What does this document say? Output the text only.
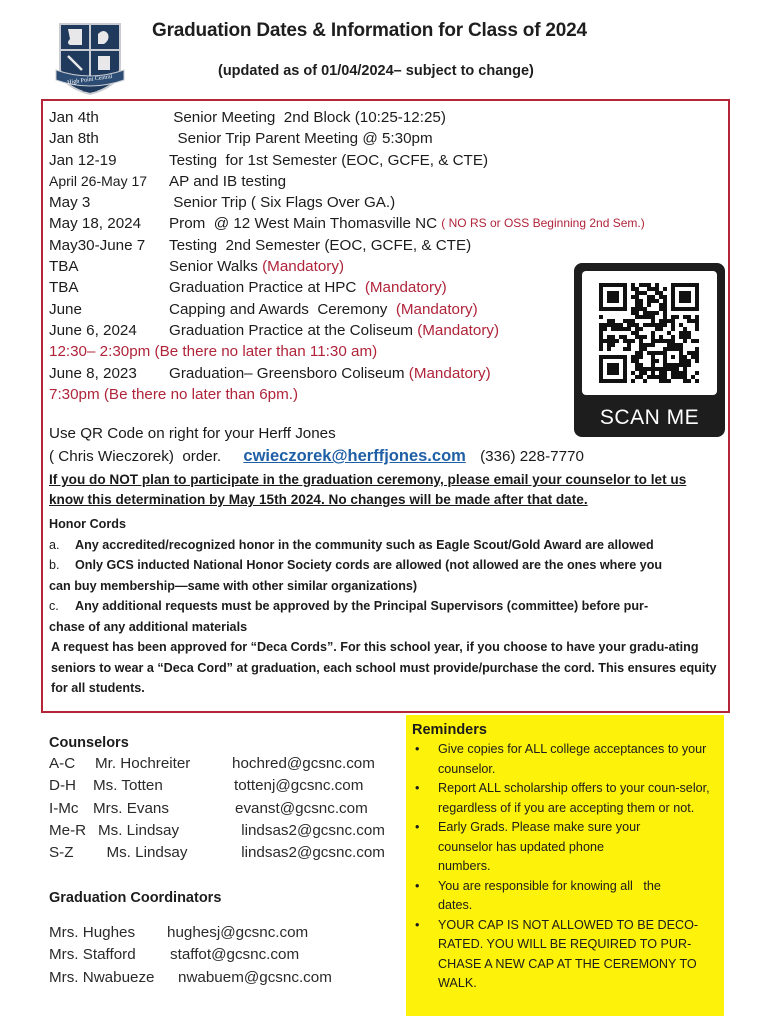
High Point Central
Est. 1927
Graduation Dates & Information for Class of 2024
(updated as of 01/04/2024– subject to change)
Jan 4th	Senior Meeting  2nd Block (10:25-12:25)
Jan 8th	Senior Trip Parent Meeting @ 5:30pm
Jan 12-19	Testing  for 1st Semester (EOC, GCFE, & CTE)
April 26-May 17	AP and IB testing
May 3	Senior Trip ( Six Flags Over GA.)
May 18, 2024	Prom  @ 12 West Main Thomasville NC ( NO RS or OSS Beginning 2nd Sem.)
May30-June 7	Testing  2nd Semester (EOC, GCFE, & CTE)
TBA	Senior Walks (Mandatory)
TBA	Graduation Practice at HPC (Mandatory)
June	Capping and Awards  Ceremony (Mandatory)
June 6, 2024	Graduation Practice at the Coliseum (Mandatory)
12:30– 2:30pm (Be there no later than 11:30 am)
June 8, 2023	Graduation– Greensboro Coliseum (Mandatory)
7:30pm (Be there no later than 6pm.)
SCAN ME
Use QR Code on right for your Herff Jones
( Chris Wieczorek)  order. cwieczorek@herffjones.com (336) 228-7770
If you do NOT plan to participate in the graduation ceremony, please email your counselor to let us know this determination by May 15th 2024. No changes will be made after that date.
Honor Cords
a.	Any accredited/recognized honor in the community such as Eagle Scout/Gold Award are allowed
b.	Only GCS inducted National Honor Society cords are allowed (not allowed are the ones where you
can buy membership—same with other similar organizations)
c.	Any additional requests must be approved by the Principal Supervisors (committee) before pur-
chase of any additional materials
A request has been approved for “Deca Cords”. For this school year, if you choose to have your gradu-ating seniors to wear a “Deca Cord” at graduation, each school must provide/purchase the cord. This ensures equity for all students.
Counselors
A-C	Mr. Hochreiter	hochred@gcsnc.com
D-H	Ms. Totten	tottenj@gcsnc.com
I-Mc Mrs. Evans	evanst@gcsnc.com
Me-R Ms. Lindsay	lindsas2@gcsnc.com
S-Z	Ms. Lindsay	lindsas2@gcsnc.com
Graduation Coordinators
Mrs. Hughes	hughesj@gcsnc.com
Mrs. Stafford	staffot@gcsnc.com
Mrs. Nwabueze	nwabuem@gcsnc.com
Reminders
•	Give copies for ALL college acceptances to your counselor.
•	Report ALL scholarship offers to your coun-selor, regardless of if you are accepting them or not.
•	Early Grads. Please make sure your counselor has updated phone numbers.
•	You are responsible for knowing all   the dates.
•	YOUR CAP IS NOT ALLOWED TO BE DECO-RATED. YOU WILL BE REQUIRED TO PUR-CHASE A NEW CAP AT THE CEREMONY TO WALK.
